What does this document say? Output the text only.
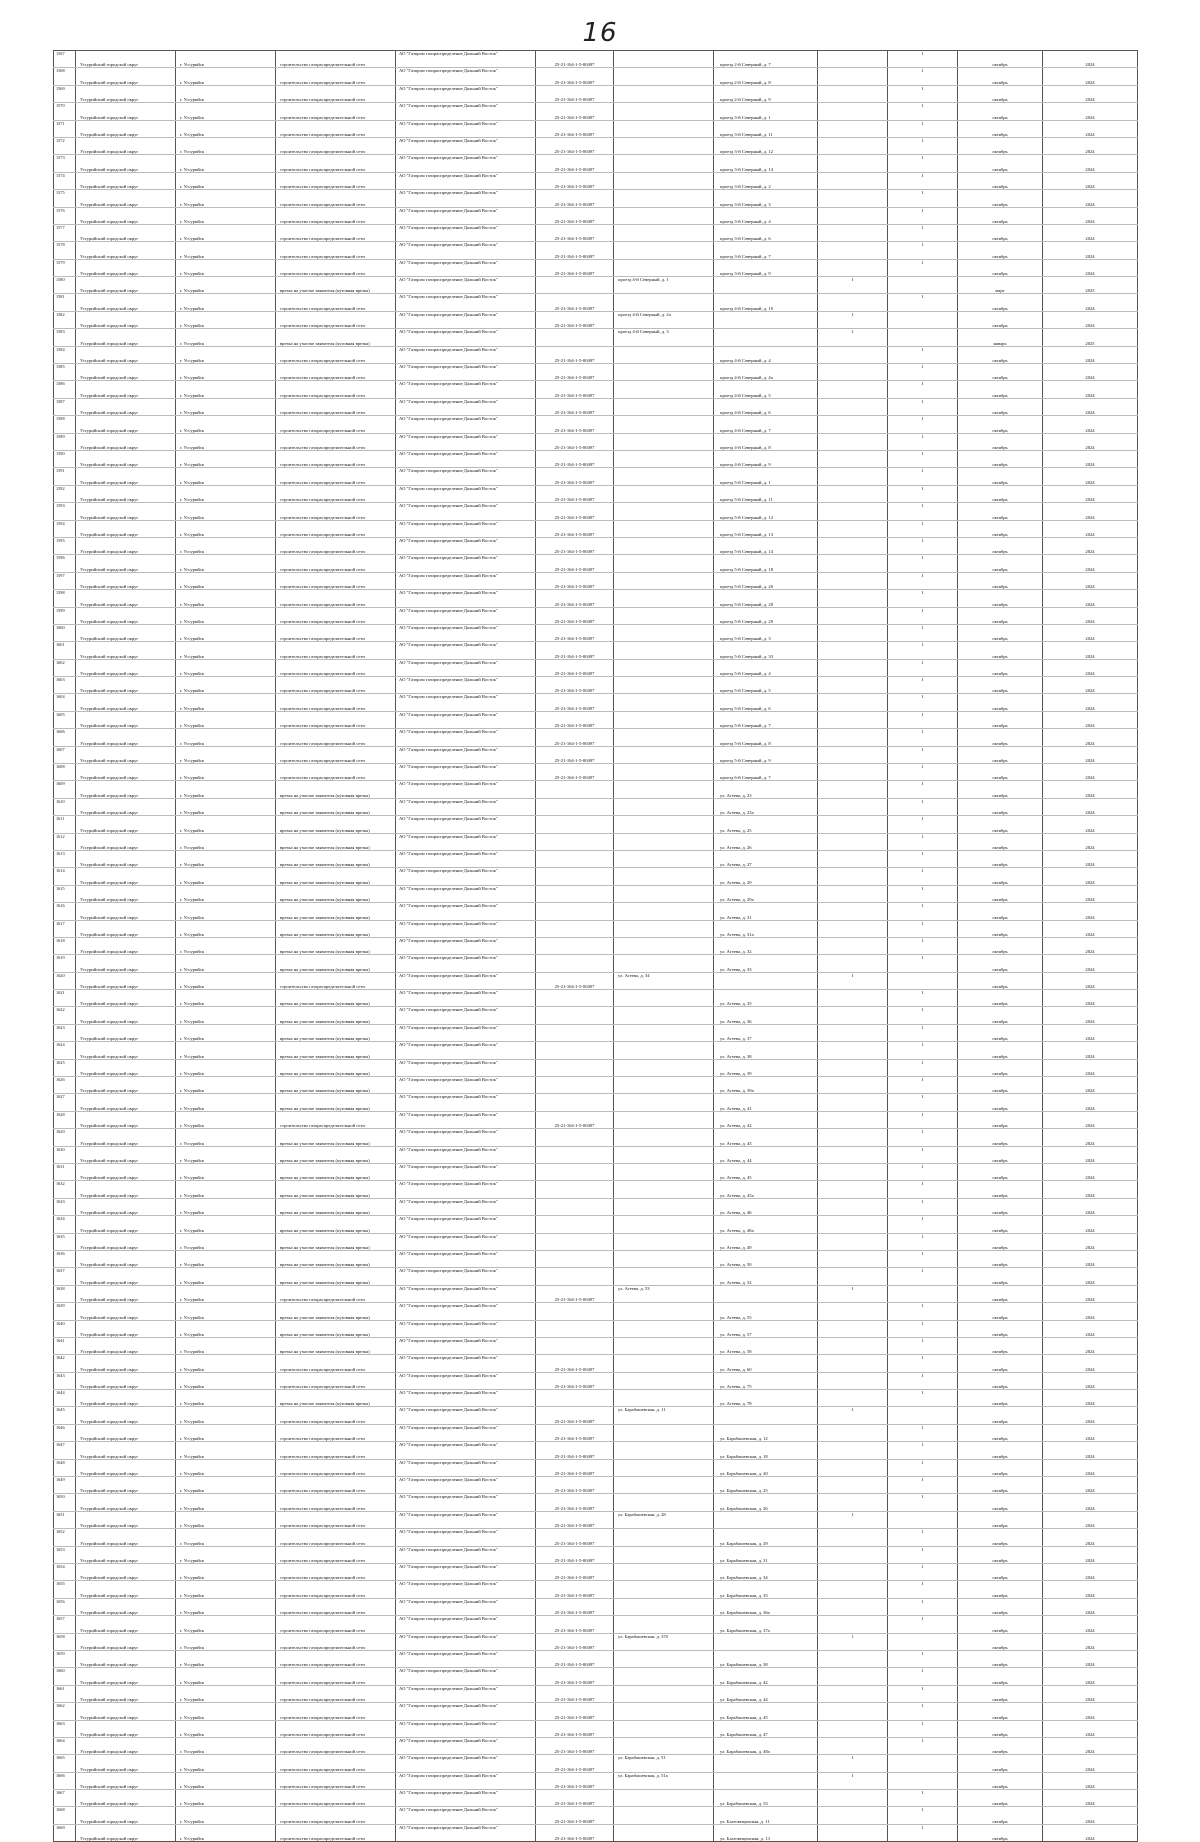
16
1567	Уссурийский городской округ	г. Уссурийск	строительство газораспределительной сети	АО "Газпром газораспределение Дальний Восток"	25-21-164-1-5-00497		проезд 2-й Северный, д. 7		1	октябрь	2024
1568	Уссурийский городской округ	г. Уссурийск	строительство газораспределительной сети	АО "Газпром газораспределение Дальний Восток"	25-21-164-1-5-00497		проезд 2-й Северный, д. 8		1	октябрь	2024
1569	Уссурийский городской округ	г. Уссурийск	строительство газораспределительной сети	АО "Газпром газораспределение Дальний Восток"	25-21-164-1-5-00497		проезд 2-й Северный, д. 9		1	октябрь	2024
1570	Уссурийский городской округ	г. Уссурийск	строительство газораспределительной сети	АО "Газпром газораспределение Дальний Восток"	25-21-164-1-5-00497		проезд 3-й Северный, д. 1		1	октябрь	2024
1571	Уссурийский городской округ	г. Уссурийск	строительство газораспределительной сети	АО "Газпром газораспределение Дальний Восток"	25-21-164-1-5-00497		проезд 3-й Северный, д. 11		1	октябрь	2024
1572	Уссурийский городской округ	г. Уссурийск	строительство газораспределительной сети	АО "Газпром газораспределение Дальний Восток"	25-21-164-1-5-00497		проезд 3-й Северный, д. 12		1	октябрь	2024
1573	Уссурийский городской округ	г. Уссурийск	строительство газораспределительной сети	АО "Газпром газораспределение Дальний Восток"	25-21-164-1-5-00497		проезд 3-й Северный, д. 14		1	октябрь	2024
1574	Уссурийский городской округ	г. Уссурийск	строительство газораспределительной сети	АО "Газпром газораспределение Дальний Восток"	25-21-164-1-5-00497		проезд 3-й Северный, д. 2		1	октябрь	2024
1575	Уссурийский городской округ	г. Уссурийск	строительство газораспределительной сети	АО "Газпром газораспределение Дальний Восток"	25-21-164-1-5-00497		проезд 3-й Северный, д. 3		1	октябрь	2024
1576	Уссурийский городской округ	г. Уссурийск	строительство газораспределительной сети	АО "Газпром газораспределение Дальний Восток"	25-21-164-1-5-00497		проезд 3-й Северный, д. 4		1	октябрь	2024
1577	Уссурийский городской округ	г. Уссурийск	строительство газораспределительной сети	АО "Газпром газораспределение Дальний Восток"	25-21-164-1-5-00497		проезд 3-й Северный, д. 6		1	октябрь	2024
1578	Уссурийский городской округ	г. Уссурийск	строительство газораспределительной сети	АО "Газпром газораспределение Дальний Восток"	25-21-164-1-5-00497		проезд 3-й Северный, д. 7		1	октябрь	2024
1579	Уссурийский городской округ	г. Уссурийск	строительство газораспределительной сети	АО "Газпром газораспределение Дальний Восток"	25-21-164-1-5-00497		проезд 3-й Северный, д. 9		1	октябрь	2024
1580	Уссурийский городской округ	г. Уссурийск	врезка на участке заявителя (кузовная врезка)	АО "Газпром газораспределение Дальний Восток"		проезд 4-й Северный, д. 1		1		март	2025
1581	Уссурийский городской округ	г. Уссурийск	строительство газораспределительной сети	АО "Газпром газораспределение Дальний Восток"	25-21-164-1-5-00497		проезд 4-й Северный, д. 10		1	октябрь	2024
1582	Уссурийский городской округ	г. Уссурийск	строительство газораспределительной сети	АО "Газпром газораспределение Дальний Восток"	25-21-164-1-5-00497	проезд 4-й Северный, д. 2а		1		октябрь	2024
1583	Уссурийский городской округ	г. Уссурийск	врезка на участке заявителя (кузовная врезка)	АО "Газпром газораспределение Дальний Восток"		проезд 4-й Северный, д. 3		1		январь	2025
1584	Уссурийский городской округ	г. Уссурийск	строительство газораспределительной сети	АО "Газпром газораспределение Дальний Восток"	25-21-164-1-5-00497		проезд 4-й Северный, д. 4		1	октябрь	2024
1585	Уссурийский городской округ	г. Уссурийск	строительство газораспределительной сети	АО "Газпром газораспределение Дальний Восток"	25-21-164-1-5-00497		проезд 4-й Северный, д. 4а		1	октябрь	2024
1586	Уссурийский городской округ	г. Уссурийск	строительство газораспределительной сети	АО "Газпром газораспределение Дальний Восток"	25-21-164-1-5-00497		проезд 4-й Северный, д. 5		1	октябрь	2024
1587	Уссурийский городской округ	г. Уссурийск	строительство газораспределительной сети	АО "Газпром газораспределение Дальний Восток"	25-21-164-1-5-00497		проезд 4-й Северный, д. 6		1	октябрь	2024
1588	Уссурийский городской округ	г. Уссурийск	строительство газораспределительной сети	АО "Газпром газораспределение Дальний Восток"	25-21-164-1-5-00497		проезд 4-й Северный, д. 7		1	октябрь	2024
1589	Уссурийский городской округ	г. Уссурийск	строительство газораспределительной сети	АО "Газпром газораспределение Дальний Восток"	25-21-164-1-5-00497		проезд 4-й Северный, д. 8		1	октябрь	2024
1590	Уссурийский городской округ	г. Уссурийск	строительство газораспределительной сети	АО "Газпром газораспределение Дальний Восток"	25-21-164-1-5-00497		проезд 4-й Северный, д. 9		1	октябрь	2024
1591	Уссурийский городской округ	г. Уссурийск	строительство газораспределительной сети	АО "Газпром газораспределение Дальний Восток"	25-21-164-1-5-00497		проезд 5-й Северный, д. 1		1	октябрь	2024
1592	Уссурийский городской округ	г. Уссурийск	строительство газораспределительной сети	АО "Газпром газораспределение Дальний Восток"	25-21-164-1-5-00497		проезд 5-й Северный, д. 11		1	октябрь	2024
1593	Уссурийский городской округ	г. Уссурийск	строительство газораспределительной сети	АО "Газпром газораспределение Дальний Восток"	25-21-164-1-5-00497		проезд 5-й Северный, д. 12		1	октябрь	2024
1594	Уссурийский городской округ	г. Уссурийск	строительство газораспределительной сети	АО "Газпром газораспределение Дальний Восток"	25-21-164-1-5-00497		проезд 5-й Северный, д. 13		1	октябрь	2024
1595	Уссурийский городской округ	г. Уссурийск	строительство газораспределительной сети	АО "Газпром газораспределение Дальний Восток"	25-21-164-1-5-00497		проезд 5-й Северный, д. 14		1	октябрь	2024
1596	Уссурийский городской округ	г. Уссурийск	строительство газораспределительной сети	АО "Газпром газораспределение Дальний Восток"	25-21-164-1-5-00497		проезд 5-й Северный, д. 18		1	октябрь	2024
1597	Уссурийский городской округ	г. Уссурийск	строительство газораспределительной сети	АО "Газпром газораспределение Дальний Восток"	25-21-164-1-5-00497		проезд 5-й Северный, д. 20		1	октябрь	2024
1598	Уссурийский городской округ	г. Уссурийск	строительство газораспределительной сети	АО "Газпром газораспределение Дальний Восток"	25-21-164-1-5-00497		проезд 5-й Северный, д. 28		1	октябрь	2024
1599	Уссурийский городской округ	г. Уссурийск	строительство газораспределительной сети	АО "Газпром газораспределение Дальний Восток"	25-21-164-1-5-00497		проезд 5-й Северный, д. 29		1	октябрь	2024
1600	Уссурийский городской округ	г. Уссурийск	строительство газораспределительной сети	АО "Газпром газораспределение Дальний Восток"	25-21-164-1-5-00497		проезд 5-й Северный, д. 3		1	октябрь	2024
1601	Уссурийский городской округ	г. Уссурийск	строительство газораспределительной сети	АО "Газпром газораспределение Дальний Восток"	25-21-164-1-5-00497		проезд 5-й Северный, д. 33		1	октябрь	2024
1602	Уссурийский городской округ	г. Уссурийск	строительство газораспределительной сети	АО "Газпром газораспределение Дальний Восток"	25-21-164-1-5-00497		проезд 5-й Северный, д. 4		1	октябрь	2024
1603	Уссурийский городской округ	г. Уссурийск	строительство газораспределительной сети	АО "Газпром газораспределение Дальний Восток"	25-21-164-1-5-00497		проезд 5-й Северный, д. 5		1	октябрь	2024
1604	Уссурийский городской округ	г. Уссурийск	строительство газораспределительной сети	АО "Газпром газораспределение Дальний Восток"	25-21-164-1-5-00497		проезд 5-й Северный, д. 6		1	октябрь	2024
1605	Уссурийский городской округ	г. Уссурийск	строительство газораспределительной сети	АО "Газпром газораспределение Дальний Восток"	25-21-164-1-5-00497		проезд 5-й Северный, д. 7		1	октябрь	2024
1606	Уссурийский городской округ	г. Уссурийск	строительство газораспределительной сети	АО "Газпром газораспределение Дальний Восток"	25-21-164-1-5-00497		проезд 5-й Северный, д. 8		1	октябрь	2024
1607	Уссурийский городской округ	г. Уссурийск	строительство газораспределительной сети	АО "Газпром газораспределение Дальний Восток"	25-21-164-1-5-00497		проезд 5-й Северный, д. 9		1	октябрь	2024
1608	Уссурийский городской округ	г. Уссурийск	строительство газораспределительной сети	АО "Газпром газораспределение Дальний Восток"	25-21-164-1-5-00497		проезд 6-й Северный, д. 7		1	октябрь	2024
1609	Уссурийский городской округ	г. Уссурийск	врезка на участке заявителя (кузовная врезка)	АО "Газпром газораспределение Дальний Восток"			ул. Агеева, д. 23		1	октябрь	2024
1610	Уссурийский городской округ	г. Уссурийск	врезка на участке заявителя (кузовная врезка)	АО "Газпром газораспределение Дальний Восток"			ул. Агеева, д. 23а		1	октябрь	2024
1611	Уссурийский городской округ	г. Уссурийск	врезка на участке заявителя (кузовная врезка)	АО "Газпром газораспределение Дальний Восток"			ул. Агеева, д. 25		1	октябрь	2024
1612	Уссурийский городской округ	г. Уссурийск	врезка на участке заявителя (кузовная врезка)	АО "Газпром газораспределение Дальний Восток"			ул. Агеева, д. 26		1	октябрь	2024
1613	Уссурийский городской округ	г. Уссурийск	врезка на участке заявителя (кузовная врезка)	АО "Газпром газораспределение Дальний Восток"			ул. Агеева, д. 27		1	октябрь	2024
1614	Уссурийский городской округ	г. Уссурийск	врезка на участке заявителя (кузовная врезка)	АО "Газпром газораспределение Дальний Восток"			ул. Агеева, д. 29		1	октябрь	2024
1615	Уссурийский городской округ	г. Уссурийск	врезка на участке заявителя (кузовная врезка)	АО "Газпром газораспределение Дальний Восток"			ул. Агеева, д. 29а		1	октябрь	2024
1616	Уссурийский городской округ	г. Уссурийск	врезка на участке заявителя (кузовная врезка)	АО "Газпром газораспределение Дальний Восток"			ул. Агеева, д. 31		1	октябрь	2024
1617	Уссурийский городской округ	г. Уссурийск	врезка на участке заявителя (кузовная врезка)	АО "Газпром газораспределение Дальний Восток"			ул. Агеева, д. 31а		1	октябрь	2024
1618	Уссурийский городской округ	г. Уссурийск	врезка на участке заявителя (кузовная врезка)	АО "Газпром газораспределение Дальний Восток"			ул. Агеева, д. 32		1	октябрь	2024
1619	Уссурийский городской округ	г. Уссурийск	врезка на участке заявителя (кузовная врезка)	АО "Газпром газораспределение Дальний Восток"			ул. Агеева, д. 33		1	октябрь	2024
1620	Уссурийский городской округ	г. Уссурийск	строительство газораспределительной сети	АО "Газпром газораспределение Дальний Восток"	25-21-164-1-5-00497	ул. Агеева, д. 34		1		октябрь	2024
1621	Уссурийский городской округ	г. Уссурийск	врезка на участке заявителя (кузовная врезка)	АО "Газпром газораспределение Дальний Восток"			ул. Агеева, д. 35		1	октябрь	2024
1622	Уссурийский городской округ	г. Уссурийск	врезка на участке заявителя (кузовная врезка)	АО "Газпром газораспределение Дальний Восток"			ул. Агеева, д. 36		1	октябрь	2024
1623	Уссурийский городской округ	г. Уссурийск	врезка на участке заявителя (кузовная врезка)	АО "Газпром газораспределение Дальний Восток"			ул. Агеева, д. 37		1	октябрь	2024
1624	Уссурийский городской округ	г. Уссурийск	врезка на участке заявителя (кузовная врезка)	АО "Газпром газораспределение Дальний Восток"			ул. Агеева, д. 38		1	октябрь	2024
1625	Уссурийский городской округ	г. Уссурийск	врезка на участке заявителя (кузовная врезка)	АО "Газпром газораспределение Дальний Восток"			ул. Агеева, д. 39		1	октябрь	2024
1626	Уссурийский городской округ	г. Уссурийск	врезка на участке заявителя (кузовная врезка)	АО "Газпром газораспределение Дальний Восток"			ул. Агеева, д. 39а		1	октябрь	2024
1627	Уссурийский городской округ	г. Уссурийск	врезка на участке заявителя (кузовная врезка)	АО "Газпром газораспределение Дальний Восток"			ул. Агеева, д. 41		1	октябрь	2024
1628	Уссурийский городской округ	г. Уссурийск	строительство газораспределительной сети	АО "Газпром газораспределение Дальний Восток"	25-21-164-1-5-00497		ул. Агеева, д. 42		1	октябрь	2024
1629	Уссурийский городской округ	г. Уссурийск	врезка на участке заявителя (кузовная врезка)	АО "Газпром газораспределение Дальний Восток"			ул. Агеева, д. 43		1	октябрь	2024
1630	Уссурийский городской округ	г. Уссурийск	врезка на участке заявителя (кузовная врезка)	АО "Газпром газораспределение Дальний Восток"			ул. Агеева, д. 44		1	октябрь	2024
1631	Уссурийский городской округ	г. Уссурийск	врезка на участке заявителя (кузовная врезка)	АО "Газпром газораспределение Дальний Восток"			ул. Агеева, д. 45		1	октябрь	2024
1632	Уссурийский городской округ	г. Уссурийск	врезка на участке заявителя (кузовная врезка)	АО "Газпром газораспределение Дальний Восток"			ул. Агеева, д. 45а		1	октябрь	2024
1633	Уссурийский городской округ	г. Уссурийск	врезка на участке заявителя (кузовная врезка)	АО "Газпром газораспределение Дальний Восток"			ул. Агеева, д. 46		1	октябрь	2024
1634	Уссурийский городской округ	г. Уссурийск	врезка на участке заявителя (кузовная врезка)	АО "Газпром газораспределение Дальний Восток"			ул. Агеева, д. 48а		1	октябрь	2024
1635	Уссурийский городской округ	г. Уссурийск	врезка на участке заявителя (кузовная врезка)	АО "Газпром газораспределение Дальний Восток"			ул. Агеева, д. 49		1	октябрь	2024
1636	Уссурийский городской округ	г. Уссурийск	врезка на участке заявителя (кузовная врезка)	АО "Газпром газораспределение Дальний Восток"			ул. Агеева, д. 50		1	октябрь	2024
1637	Уссурийский городской округ	г. Уссурийск	врезка на участке заявителя (кузовная врезка)	АО "Газпром газораспределение Дальний Восток"			ул. Агеева, д. 52		1	октябрь	2024
1638	Уссурийский городской округ	г. Уссурийск	строительство газораспределительной сети	АО "Газпром газораспределение Дальний Восток"	25-21-164-1-5-00497	ул. Агеева, д. 53		1		октябрь	2024
1639	Уссурийский городской округ	г. Уссурийск	врезка на участке заявителя (кузовная врезка)	АО "Газпром газораспределение Дальний Восток"			ул. Агеева, д. 55		1	октябрь	2024
1640	Уссурийский городской округ	г. Уссурийск	врезка на участке заявителя (кузовная врезка)	АО "Газпром газораспределение Дальний Восток"			ул. Агеева, д. 57		1	октябрь	2024
1641	Уссурийский городской округ	г. Уссурийск	врезка на участке заявителя (кузовная врезка)	АО "Газпром газораспределение Дальний Восток"			ул. Агеева, д. 58		1	октябрь	2024
1642	Уссурийский городской округ	г. Уссурийск	строительство газораспределительной сети	АО "Газпром газораспределение Дальний Восток"	25-21-164-1-5-00497		ул. Агеева, д. 60		1	октябрь	2024
1643	Уссурийский городской округ	г. Уссурийск	строительство газораспределительной сети	АО "Газпром газораспределение Дальний Восток"	25-21-164-1-5-00497		ул. Агеева, д. 75		1	октябрь	2024
1644	Уссурийский городской округ	г. Уссурийск	врезка на участке заявителя (кузовная врезка)	АО "Газпром газораспределение Дальний Восток"			ул. Агеева, д. 78		1	октябрь	2024
1645	Уссурийский городской округ	г. Уссурийск	строительство газораспределительной сети	АО "Газпром газораспределение Дальний Восток"	25-21-164-1-5-00497	ул. Барабашевская, д. 11		1		октябрь	2024
1646	Уссурийский городской округ	г. Уссурийск	строительство газораспределительной сети	АО "Газпром газораспределение Дальний Восток"	25-21-164-1-5-00497		ул. Барабашевская, д. 12		1	октябрь	2024
1647	Уссурийский городской округ	г. Уссурийск	строительство газораспределительной сети	АО "Газпром газораспределение Дальний Восток"	25-21-164-1-5-00497		ул. Барабашевская, д. 18		1	октябрь	2024
1648	Уссурийский городской округ	г. Уссурийск	строительство газораспределительной сети	АО "Газпром газораспределение Дальний Восток"	25-21-164-1-5-00497		ул. Барабашевская, д. 20		1	октябрь	2024
1649	Уссурийский городской округ	г. Уссурийск	строительство газораспределительной сети	АО "Газпром газораспределение Дальний Восток"	25-21-164-1-5-00497		ул. Барабашевская, д. 25		1	октябрь	2024
1650	Уссурийский городской округ	г. Уссурийск	строительство газораспределительной сети	АО "Газпром газораспределение Дальний Восток"	25-21-164-1-5-00497		ул. Барабашевская, д. 26		1	октябрь	2024
1651	Уссурийский городской округ	г. Уссурийск	строительство газораспределительной сети	АО "Газпром газораспределение Дальний Восток"	25-21-164-1-5-00497	ул. Барабашевская, д. 28		1		октябрь	2024
1652	Уссурийский городской округ	г. Уссурийск	строительство газораспределительной сети	АО "Газпром газораспределение Дальний Восток"	25-21-164-1-5-00497		ул. Барабашевская, д. 29		1	октябрь	2024
1653	Уссурийский городской округ	г. Уссурийск	строительство газораспределительной сети	АО "Газпром газораспределение Дальний Восток"	25-21-164-1-5-00497		ул. Барабашевская, д. 31		1	октябрь	2024
1654	Уссурийский городской округ	г. Уссурийск	строительство газораспределительной сети	АО "Газпром газораспределение Дальний Восток"	25-21-164-1-5-00497		ул. Барабашевская, д. 34		1	октябрь	2024
1655	Уссурийский городской округ	г. Уссурийск	строительство газораспределительной сети	АО "Газпром газораспределение Дальний Восток"	25-21-164-1-5-00497		ул. Барабашевская, д. 35		1	октябрь	2024
1656	Уссурийский городской округ	г. Уссурийск	строительство газораспределительной сети	АО "Газпром газораспределение Дальний Восток"	25-21-164-1-5-00497		ул. Барабашевская, д. 36а		1	октябрь	2024
1657	Уссурийский городской округ	г. Уссурийск	строительство газораспределительной сети	АО "Газпром газораспределение Дальний Восток"	25-21-164-1-5-00497		ул. Барабашевская, д. 37а		1	октябрь	2024
1658	Уссурийский городской округ	г. Уссурийск	строительство газораспределительной сети	АО "Газпром газораспределение Дальний Восток"	25-21-164-1-5-00497	ул. Барабашевская, д. 37б		1		октябрь	2024
1659	Уссурийский городской округ	г. Уссурийск	строительство газораспределительной сети	АО "Газпром газораспределение Дальний Восток"	25-21-164-1-5-00497		ул. Барабашевская, д. 38		1	октябрь	2024
1660	Уссурийский городской округ	г. Уссурийск	строительство газораспределительной сети	АО "Газпром газораспределение Дальний Восток"	25-21-164-1-5-00497		ул. Барабашевская, д. 42		1	октябрь	2024
1661	Уссурийский городской округ	г. Уссурийск	строительство газораспределительной сети	АО "Газпром газораспределение Дальний Восток"	25-21-164-1-5-00497		ул. Барабашевская, д. 44		1	октябрь	2024
1662	Уссурийский городской округ	г. Уссурийск	строительство газораспределительной сети	АО "Газпром газораспределение Дальний Восток"	25-21-164-1-5-00497		ул. Барабашевская, д. 45		1	октябрь	2024
1663	Уссурийский городской округ	г. Уссурийск	строительство газораспределительной сети	АО "Газпром газораспределение Дальний Восток"	25-21-164-1-5-00497		ул. Барабашевская, д. 47		1	октябрь	2024
1664	Уссурийский городской округ	г. Уссурийск	строительство газораспределительной сети	АО "Газпром газораспределение Дальний Восток"	25-21-164-1-5-00497		ул. Барабашевская, д. 48а		1	октябрь	2024
1665	Уссурийский городской округ	г. Уссурийск	строительство газораспределительной сети	АО "Газпром газораспределение Дальний Восток"	25-21-164-1-5-00497	ул. Барабашевская, д. 51		1		октябрь	2024
1666	Уссурийский городской округ	г. Уссурийск	строительство газораспределительной сети	АО "Газпром газораспределение Дальний Восток"	25-21-164-1-5-00497	ул. Барабашевская, д. 51а		1		октябрь	2024
1667	Уссурийский городской округ	г. Уссурийск	строительство газораспределительной сети	АО "Газпром газораспределение Дальний Восток"	25-21-164-1-5-00497		ул. Барабашевская, д. 53		1	октябрь	2024
1668	Уссурийский городской округ	г. Уссурийск	строительство газораспределительной сети	АО "Газпром газораспределение Дальний Восток"	25-21-164-1-5-00497		ул. Благовещенская, д. 11		1	октябрь	2024
1669	Уссурийский городской округ	г. Уссурийск	строительство газораспределительной сети	АО "Газпром газораспределение Дальний Восток"	25-21-164-1-5-00497		ул. Благовещенская, д. 13		1	октябрь	2024
